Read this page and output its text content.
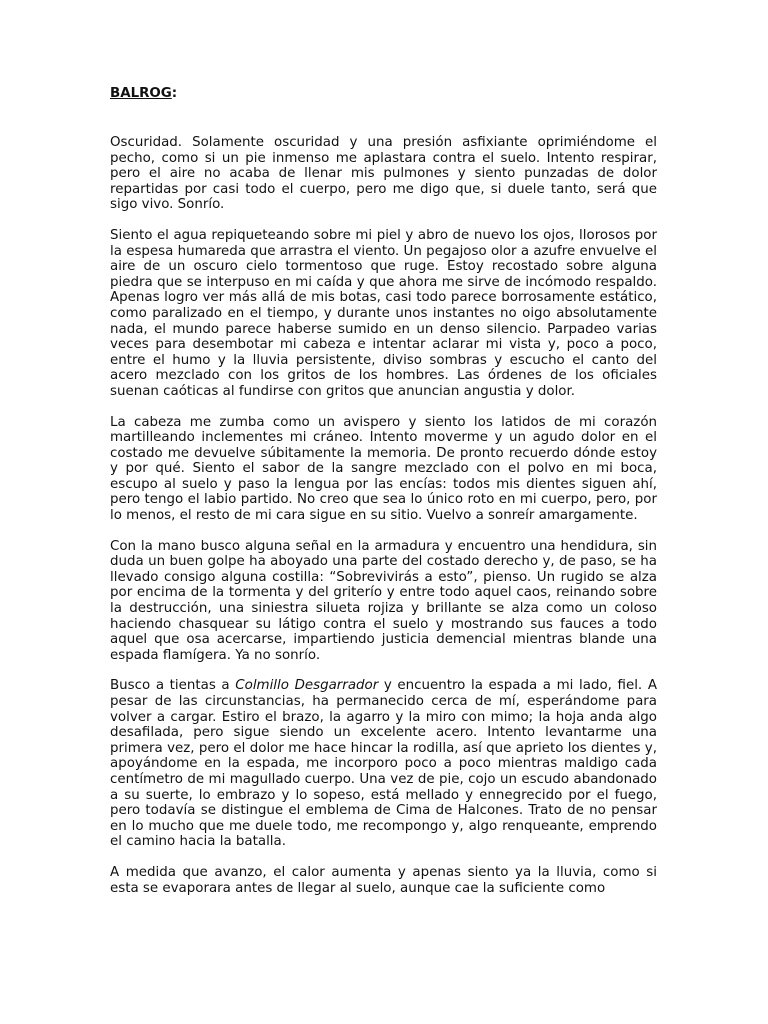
BALROG:

Oscuridad. Solamente oscuridad y una presión asfixiante oprimiéndome el pecho, como si un pie inmenso me aplastara contra el suelo. Intento respirar, pero el aire no acaba de llenar mis pulmones y siento punzadas de dolor repartidas por casi todo el cuerpo, pero me digo que, si duele tanto, será que sigo vivo. Sonrío.

Siento el agua repiqueteando sobre mi piel y abro de nuevo los ojos, llorosos por la espesa humareda que arrastra el viento. Un pegajoso olor a azufre envuelve el aire de un oscuro cielo tormentoso que ruge. Estoy recostado sobre alguna piedra que se interpuso en mi caída y que ahora me sirve de incómodo respaldo. Apenas logro ver más allá de mis botas, casi todo parece borrosamente estático, como paralizado en el tiempo, y durante unos instantes no oigo absolutamente nada, el mundo parece haberse sumido en un denso silencio. Parpadeo varias veces para desembotar mi cabeza e intentar aclarar mi vista y, poco a poco, entre el humo y la lluvia persistente, diviso sombras y escucho el canto del acero mezclado con los gritos de los hombres. Las órdenes de los oficiales suenan caóticas al fundirse con gritos que anuncian angustia y dolor.

La cabeza me zumba como un avispero y siento los latidos de mi corazón martilleando inclementes mi cráneo. Intento moverme y un agudo dolor en el costado me devuelve súbitamente la memoria. De pronto recuerdo dónde estoy y por qué. Siento el sabor de la sangre mezclado con el polvo en mi boca, escupo al suelo y paso la lengua por las encías: todos mis dientes siguen ahí, pero tengo el labio partido. No creo que sea lo único roto en mi cuerpo, pero, por lo menos, el resto de mi cara sigue en su sitio. Vuelvo a sonreír amargamente.

Con la mano busco alguna señal en la armadura y encuentro una hendidura, sin duda un buen golpe ha aboyado una parte del costado derecho y, de paso, se ha llevado consigo alguna costilla: “Sobrevivirás a esto”, pienso. Un rugido se alza por encima de la tormenta y del griterío y entre todo aquel caos, reinando sobre la destrucción, una siniestra silueta rojiza y brillante se alza como un coloso haciendo chasquear su látigo contra el suelo y mostrando sus fauces a todo aquel que osa acercarse, impartiendo justicia demencial mientras blande una espada flamígera. Ya no sonrío.

Busco a tientas a Colmillo Desgarrador y encuentro la espada a mi lado, fiel. A pesar de las circunstancias, ha permanecido cerca de mí, esperándome para volver a cargar. Estiro el brazo, la agarro y la miro con mimo; la hoja anda algo desafilada, pero sigue siendo un excelente acero. Intento levantarme una primera vez, pero el dolor me hace hincar la rodilla, así que aprieto los dientes y, apoyándome en la espada, me incorporo poco a poco mientras maldigo cada centímetro de mi magullado cuerpo. Una vez de pie, cojo un escudo abandonado a su suerte, lo embrazo y lo sopeso, está mellado y ennegrecido por el fuego, pero todavía se distingue el emblema de Cima de Halcones. Trato de no pensar en lo mucho que me duele todo, me recompongo y, algo renqueante, emprendo el camino hacia la batalla.

A medida que avanzo, el calor aumenta y apenas siento ya la lluvia, como si esta se evaporara antes de llegar al suelo, aunque cae la suficiente como
